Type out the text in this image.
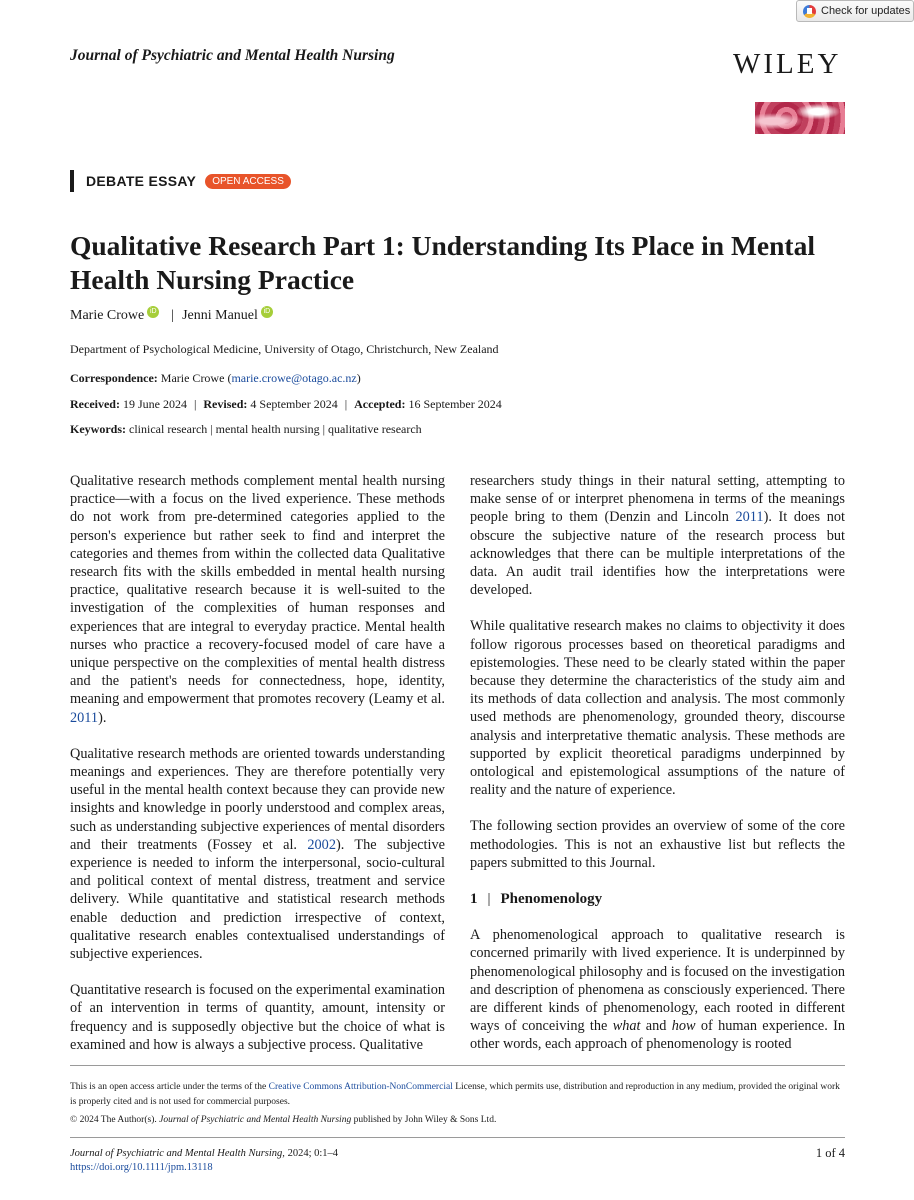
Check for updates
Journal of Psychiatric and Mental Health Nursing	WILEY
DEBATE ESSAY	OPEN ACCESS
Qualitative Research Part 1: Understanding Its Place in Mental Health Nursing Practice
Marie Crowe iD | Jenni Manuel iD
Department of Psychological Medicine, University of Otago, Christchurch, New Zealand
Correspondence: Marie Crowe (marie.crowe@otago.ac.nz)
Received: 19 June 2024 | Revised: 4 September 2024 | Accepted: 16 September 2024
Keywords: clinical research | mental health nursing | qualitative research

Qualitative research methods complement mental health nursing practice—with a focus on the lived experience. These methods do not work from pre-determined categories applied to the person's experience but rather seek to find and interpret the categories and themes from within the collected data Qualitative research fits with the skills embedded in mental health nursing practice, qualitative research because it is well-suited to the investigation of the complexities of human responses and experiences that are integral to everyday practice. Mental health nurses who practice a recovery-focused model of care have a unique perspective on the complexities of mental health distress and the patient's needs for connectedness, hope, identity, meaning and empowerment that promotes recovery (Leamy et al. 2011).

Qualitative research methods are oriented towards understanding meanings and experiences. They are therefore potentially very useful in the mental health context because they can provide new insights and knowledge in poorly understood and complex areas, such as understanding subjective experiences of mental disorders and their treatments (Fossey et al. 2002). The subjective experience is needed to inform the interpersonal, socio-cultural and political context of mental distress, treatment and service delivery. While quantitative and statistical research methods enable deduction and prediction irrespective of context, qualitative research enables contextualised understandings of subjective experiences.

Quantitative research is focused on the experimental examination of an intervention in terms of quantity, amount, intensity or frequency and is supposedly objective but the choice of what is examined and how is always a subjective process. Qualitative

researchers study things in their natural setting, attempting to make sense of or interpret phenomena in terms of the meanings people bring to them (Denzin and Lincoln 2011). It does not obscure the subjective nature of the research process but acknowledges that there can be multiple interpretations of the data. An audit trail identifies how the interpretations were developed.

While qualitative research makes no claims to objectivity it does follow rigorous processes based on theoretical paradigms and epistemologies. These need to be clearly stated within the paper because they determine the characteristics of the study aim and its methods of data collection and analysis. The most commonly used methods are phenomenology, grounded theory, discourse analysis and interpretative thematic analysis. These methods are supported by explicit theoretical paradigms underpinned by ontological and epistemological assumptions of the nature of reality and the nature of experience.

The following section provides an overview of some of the core methodologies. This is not an exhaustive list but reflects the papers submitted to this Journal.

1 | Phenomenology

A phenomenological approach to qualitative research is concerned primarily with lived experience. It is underpinned by phenomenological philosophy and is focused on the investigation and description of phenomena as consciously experienced. There are different kinds of phenomenology, each rooted in different ways of conceiving the what and how of human experience. In other words, each approach of phenomenology is rooted

This is an open access article under the terms of the Creative Commons Attribution-NonCommercial License, which permits use, distribution and reproduction in any medium, provided the original work is properly cited and is not used for commercial purposes.
© 2024 The Author(s). Journal of Psychiatric and Mental Health Nursing published by John Wiley & Sons Ltd.
Journal of Psychiatric and Mental Health Nursing, 2024; 0:1–4
https://doi.org/10.1111/jpm.13118
1 of 4
